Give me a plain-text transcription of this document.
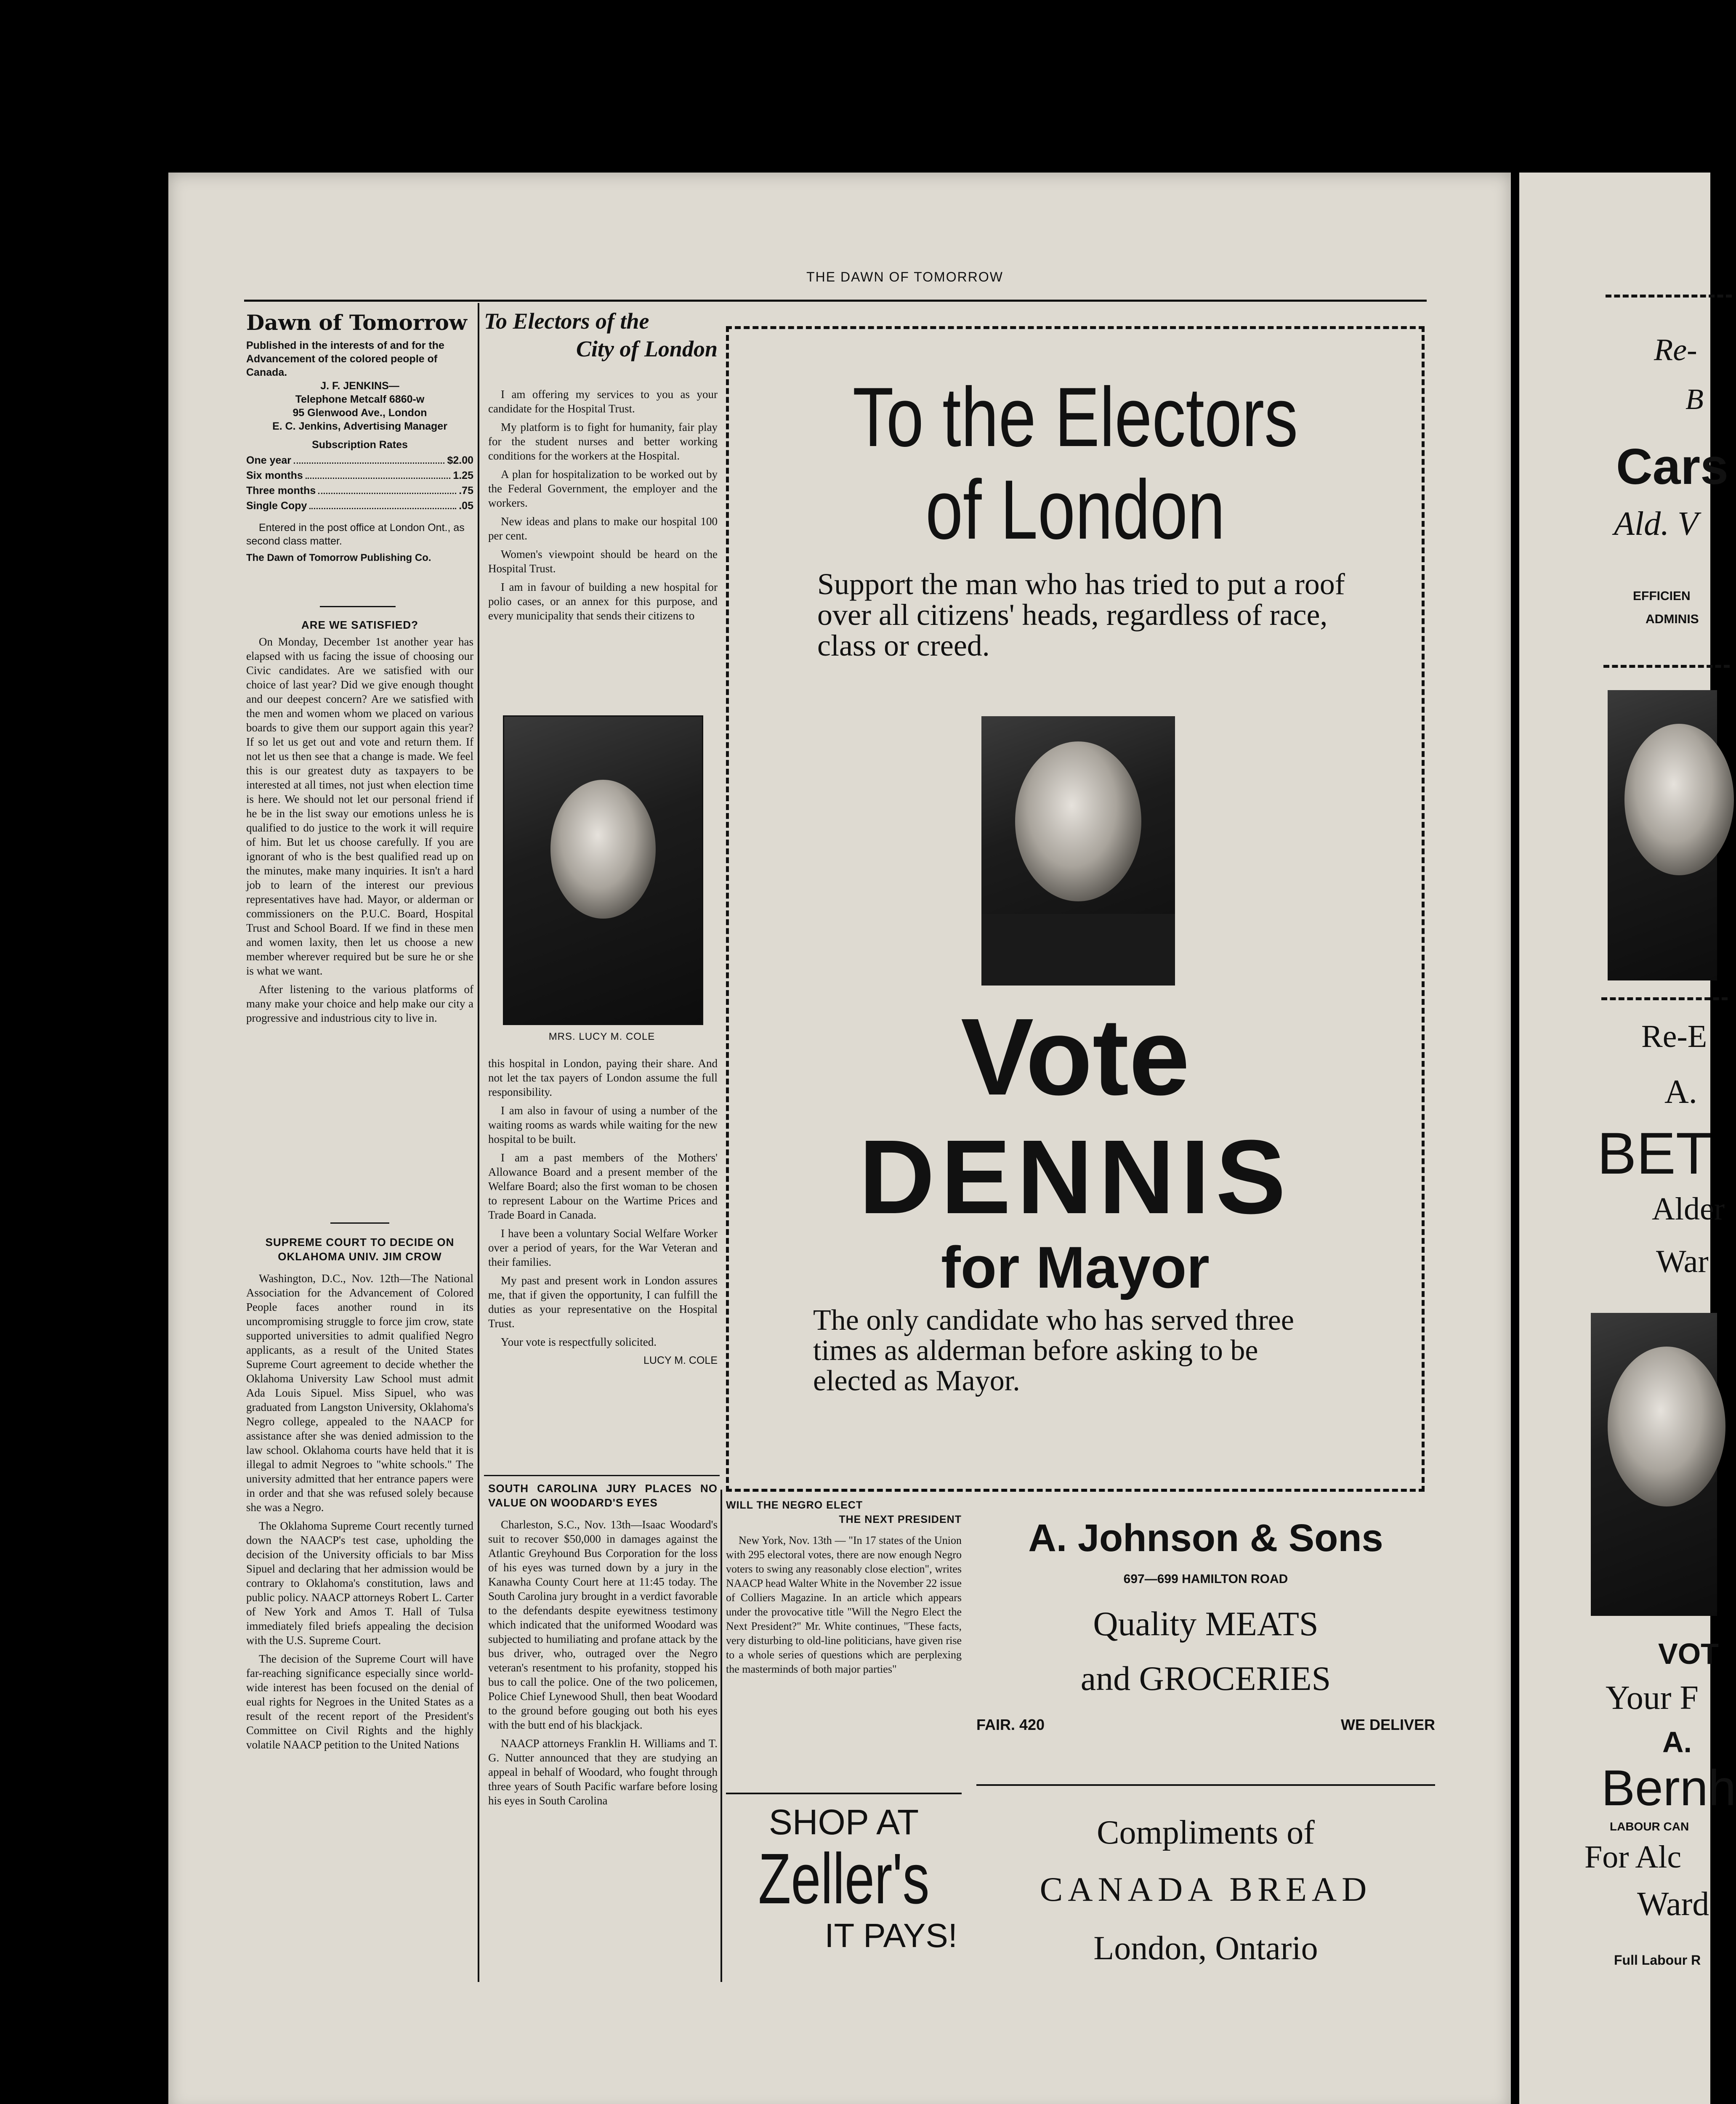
THE DAWN OF TOMORROW
Dawn of Tomorrow
Published in the interests of and for the Advancement of the colored people of Canada.
J. F. JENKINS—
Telephone Metcalf 6860-w
95 Glenwood Ave., London
E. C. Jenkins, Advertising Manager
Subscription Rates
One year	$2.00
Six months	1.25
Three months	.75
Single Copy	.05
Entered in the post office at London Ont., as second class matter.
The Dawn of Tomorrow Publishing Co.
ARE WE SATISFIED?

On Monday, December 1st another year has elapsed with us facing the issue of choosing our Civic candidates. Are we satisfied with our choice of last year? Did we give enough thought and our deepest concern? Are we satisfied with the men and women whom we placed on various boards to give them our support again this year? If so let us get out and vote and return them. If not let us then see that a change is made. We feel this is our greatest duty as taxpayers to be interested at all times, not just when election time is here. We should not let our personal friend if he be in the list sway our emotions unless he is qualified to do justice to the work it will require of him. But let us choose carefully. If you are ignorant of who is the best qualified read up on the minutes, make many inquiries. It isn't a hard job to learn of the interest our previous representatives have had. Mayor, or alderman or commissioners on the P.U.C. Board, Hospital Trust and School Board. If we find in these men and women laxity, then let us choose a new member wherever required but be sure he or she is what we want.

After listening to the various platforms of many make your choice and help make our city a progressive and industrious city to live in.

SUPREME COURT TO DECIDE ON OKLAHOMA UNIV. JIM CROW

Washington, D.C., Nov. 12th—The National Association for the Advancement of Colored People faces another round in its uncompromising struggle to force jim crow, state supported universities to admit qualified Negro applicants, as a result of the United States Supreme Court agreement to decide whether the Oklahoma University Law School must admit Ada Louis Sipuel. Miss Sipuel, who was graduated from Langston University, Oklahoma's Negro college, appealed to the NAACP for assistance after she was denied admission to the law school. Oklahoma courts have held that it is illegal to admit Negroes to "white schools." The university admitted that her entrance papers were in order and that she was refused solely because she was a Negro.

The Oklahoma Supreme Court recently turned down the NAACP's test case, upholding the decision of the University officials to bar Miss Sipuel and declaring that her admission would be contrary to Oklahoma's constitution, laws and public policy. NAACP attorneys Robert L. Carter of New York and Amos T. Hall of Tulsa immediately filed briefs appealing the decision with the U.S. Supreme Court.

The decision of the Supreme Court will have far-reaching significance especially since world-wide interest has been focused on the denial of eual rights for Negroes in the United States as a result of the recent report of the President's Committee on Civil Rights and the highly volatile NAACP petition to the United Nations

To Electors of the
City of London

I am offering my services to you as your candidate for the Hospital Trust.

My platform is to fight for humanity, fair play for the student nurses and better working conditions for the workers at the Hospital.

A plan for hospitalization to be worked out by the Federal Government, the employer and the workers.

New ideas and plans to make our hospital 100 per cent.

Women's viewpoint should be heard on the Hospital Trust.

I am in favour of building a new hospital for polio cases, or an annex for this purpose, and every municipality that sends their citizens to

MRS. LUCY M. COLE

this hospital in London, paying their share. And not let the tax payers of London assume the full responsibility.

I am also in favour of using a number of the waiting rooms as wards while waiting for the new hospital to be built.

I am a past members of the Mothers' Allowance Board and a present member of the Welfare Board; also the first woman to be chosen to represent Labour on the Wartime Prices and Trade Board in Canada.

I have been a voluntary Social Welfare Worker over a period of years, for the War Veteran and their families.

My past and present work in London assures me, that if given the opportunity, I can fulfill the duties as your representative on the Hospital Trust.

Your vote is respectfully solicited.

LUCY M. COLE
SOUTH CAROLINA JURY PLACES NO VALUE ON WOODARD'S EYES

Charleston, S.C., Nov. 13th—Isaac Woodard's suit to recover $50,000 in damages against the Atlantic Greyhound Bus Corporation for the loss of his eyes was turned down by a jury in the Kanawha County Court here at 11:45 today. The South Carolina jury brought in a verdict favorable to the defendants despite eyewitness testimony which indicated that the uniformed Woodard was subjected to humiliating and profane attack by the bus driver, who, outraged over the Negro veteran's resentment to his profanity, stopped his bus to call the police. One of the two policemen, Police Chief Lynewood Shull, then beat Woodard to the ground before gouging out both his eyes with the butt end of his blackjack.

NAACP attorneys Franklin H. Williams and T. G. Nutter announced that they are studying an appeal in behalf of Woodard, who fought through three years of South Pacific warfare before losing his eyes in South Carolina

To the Electors
of London
Support the man who has tried to put a roof over all citizens' heads, regardless of race, class or creed.
Vote
DENNIS
for Mayor
The only candidate who has served three times as alderman before asking to be elected as Mayor.
WILL THE NEGRO ELECT
THE NEXT PRESIDENT

New York, Nov. 13th — "In 17 states of the Union with 295 electoral votes, there are now enough Negro voters to swing any reasonably close election", writes NAACP head Walter White in the November 22 issue of Colliers Magazine. In an article which appears under the provocative title "Will the Negro Elect the Next President?" Mr. White continues, "These facts, very disturbing to old-line politicians, have given rise to a whole series of questions which are perplexing the masterminds of both major parties"

SHOP AT
Zeller's
IT PAYS!
A. Johnson & Sons
697—699 HAMILTON ROAD
Quality MEATS
and GROCERIES
FAIR. 420	WE DELIVER
Compliments of
CANADA BREAD
London, Ontario
Re-
B
Cars
Ald. V
EFFICIEN
ADMINIS
Re-E
A.
BET
Alder
War
VOT
Your F
A.
Bernh
LABOUR CAN
For Alc
Ward
Full Labour R
